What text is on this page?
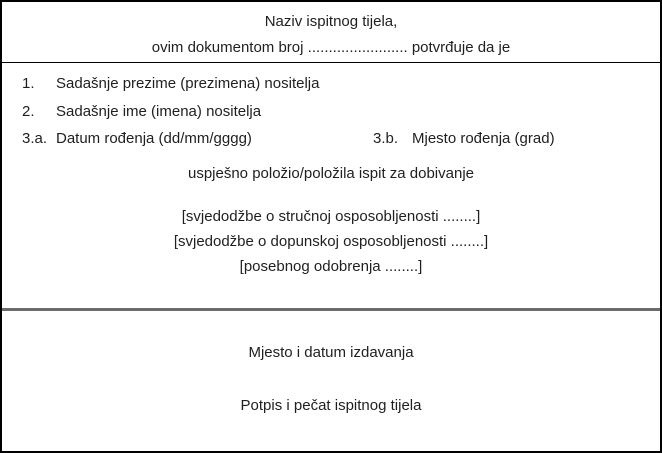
Naziv ispitnog tijela,
ovim dokumentom broj ........................ potvrđuje da je
1. Sadašnje prezime (prezimena) nositelja
2. Sadašnje ime (imena) nositelja
3.a. Datum rođenja (dd/mm/gggg)	3.b. Mjesto rođenja (grad)
uspješno položio/položila ispit za dobivanje
[svjedodžbe o stručnoj osposobljenosti ........]
[svjedodžbe o dopunskoj osposobljenosti ........]
[posebnog odobrenja ........]
Mjesto i datum izdavanja
Potpis i pečat ispitnog tijela
